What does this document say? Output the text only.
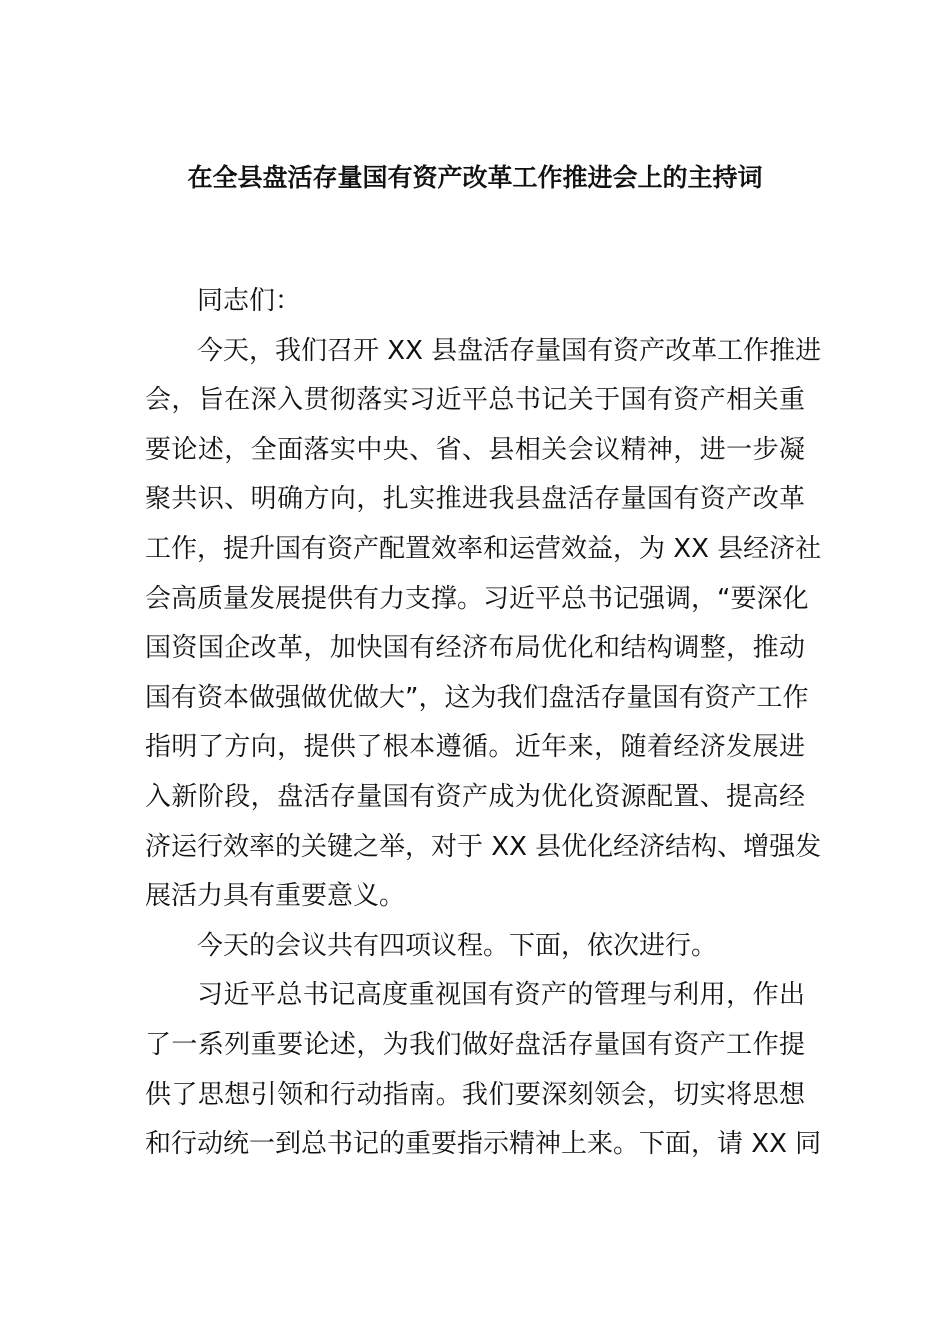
在全县盘活存量国有资产改革工作推进会上的主持词
同志们：
今天，我们召开 XX 县盘活存量国有资产改革工作推进
会，旨在深入贯彻落实习近平总书记关于国有资产相关重
要论述，全面落实中央、省、县相关会议精神，进一步凝
聚共识、明确方向，扎实推进我县盘活存量国有资产改革
工作，提升国有资产配置效率和运营效益，为 XX 县经济社
会高质量发展提供有力支撑。习近平总书记强调，“要深化
国资国企改革，加快国有经济布局优化和结构调整，推动
国有资本做强做优做大”，这为我们盘活存量国有资产工作
指明了方向，提供了根本遵循。近年来，随着经济发展进
入新阶段，盘活存量国有资产成为优化资源配置、提高经
济运行效率的关键之举，对于 XX 县优化经济结构、增强发
展活力具有重要意义。
今天的会议共有四项议程。下面，依次进行。
习近平总书记高度重视国有资产的管理与利用，作出
了一系列重要论述，为我们做好盘活存量国有资产工作提
供了思想引领和行动指南。我们要深刻领会，切实将思想
和行动统一到总书记的重要指示精神上来。下面，请 XX 同
